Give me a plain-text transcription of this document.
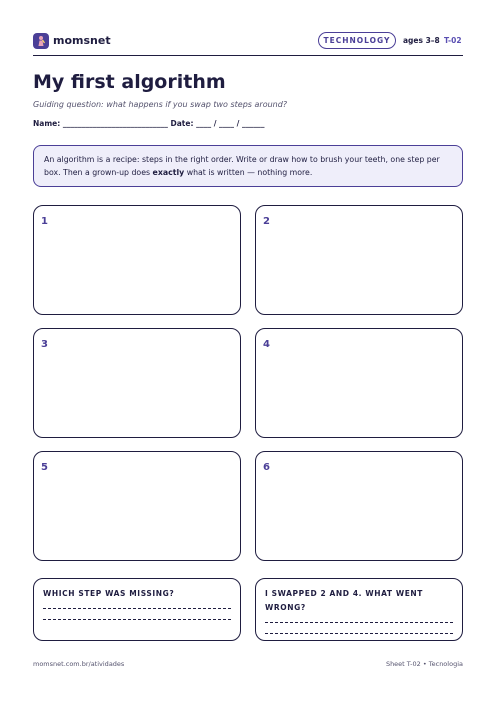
momsnet	TECHNOLOGY	ages 3–8 T-02
My first algorithm
Guiding question: what happens if you swap two steps around?
Name: ____________________________ Date: ____ / ____ / ______
An algorithm is a recipe: steps in the right order. Write or draw how to brush your teeth, one step per box. Then a grown-up does exactly what is written — nothing more.
1	2
3	4
5	6
WHICH STEP WAS MISSING?	I SWAPPED 2 AND 4. WHAT WENT WRONG?
momsnet.com.br/atividades	Sheet T-02 • Tecnologia
